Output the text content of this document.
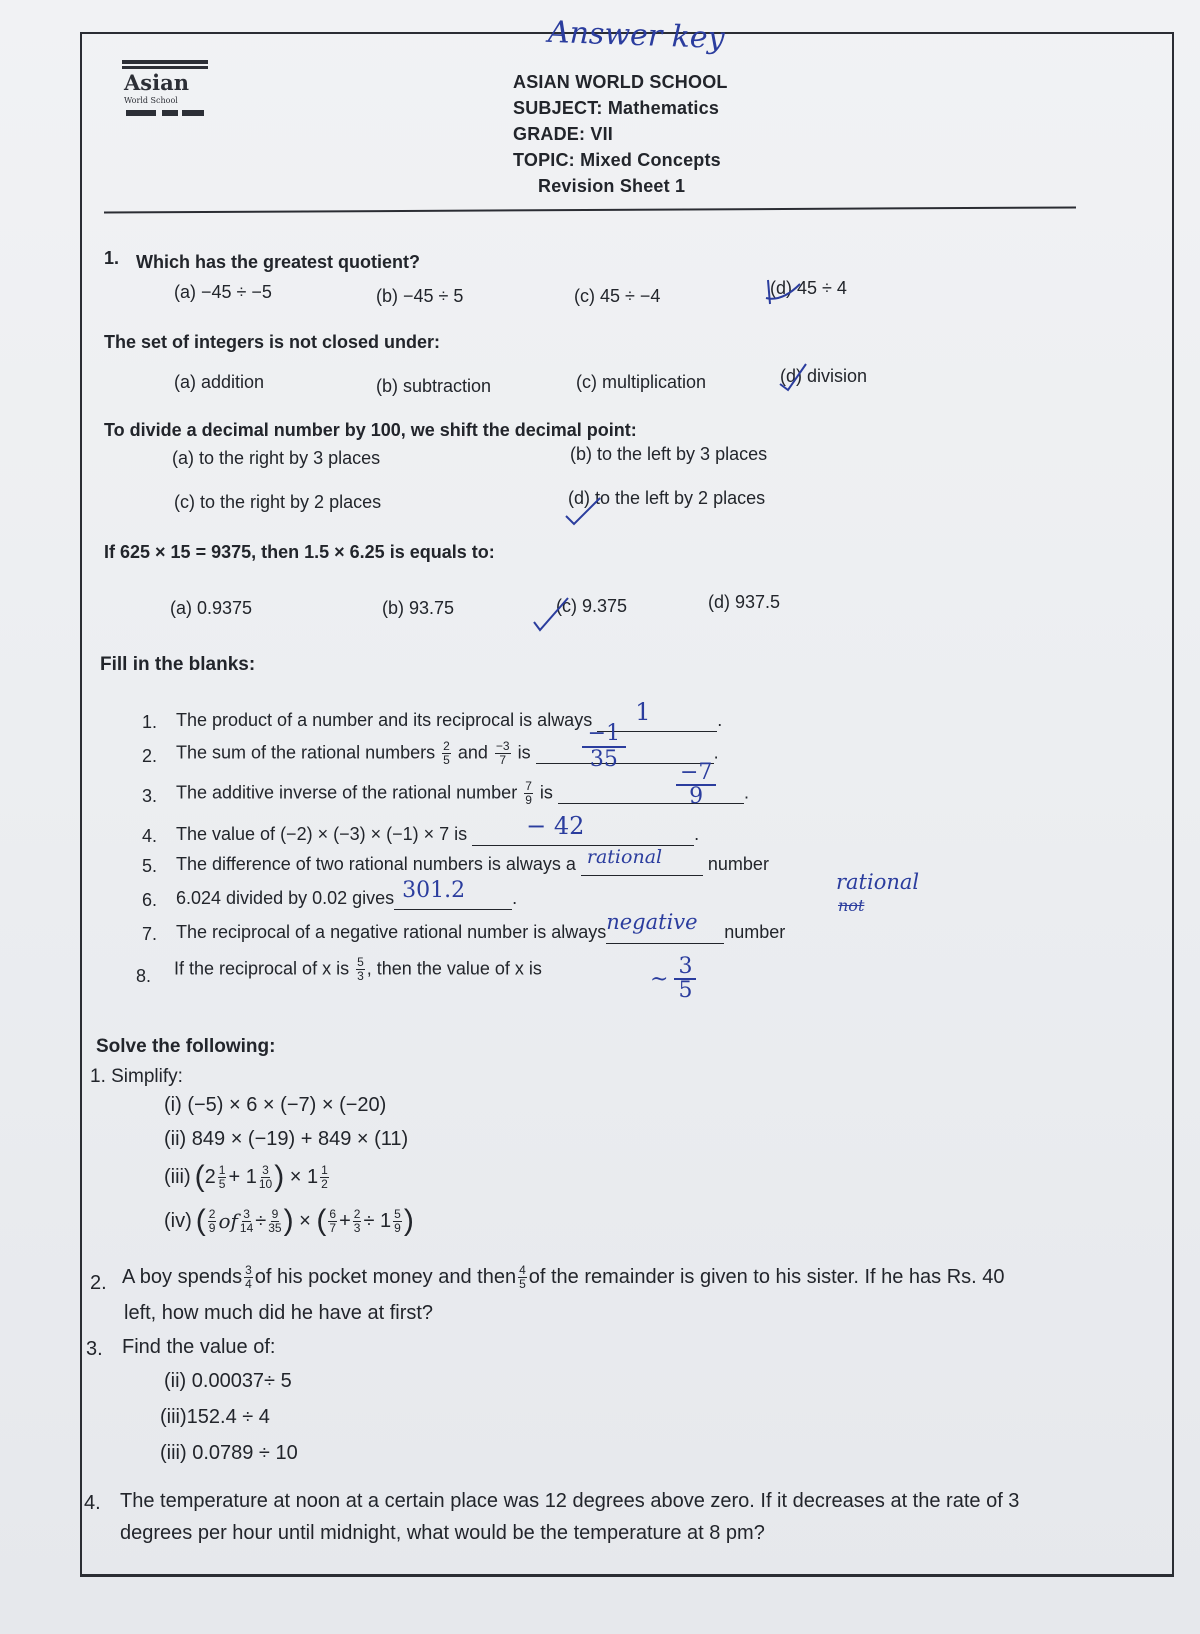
Answer key
Asian
World School
ASIAN WORLD SCHOOL
SUBJECT: Mathematics
GRADE: VII
TOPIC: Mixed Concepts
Revision Sheet 1
1. Which has the greatest quotient?
(a) −45 ÷ −5	(b) −45 ÷ 5	(c) 45 ÷ −4	(d) 45 ÷ 4
The set of integers is not closed under:
(a) addition	(b) subtraction	(c) multiplication	(d) division
To divide a decimal number by 100, we shift the decimal point:
(a) to the right by 3 places	(b) to the left by 3 places
(c) to the right by 2 places	(d) to the left by 2 places
If 625 × 15 = 9375, then 1.5 × 6.25 is equals to:
(a) 0.9375	(b) 93.75	(c) 9.375	(d) 937.5
Fill in the blanks:
1. The product of a number and its reciprocal is always 1	.
2. The sum of the rational numbers $\frac{2}{5}$ and $\frac{-3}{7}$ is
−1
35	.
3. The additive inverse of the rational number $\frac{7}{9}$ is
−7
9 .
4. The value of (−2) × (−3) × (−1) × 7 is − 42	.
5. The difference of two rational numbers is always a rational	number
6. 6.024 divided by 0.02 gives 301.2	.
rational
not
7. The reciprocal of a negative rational number is always negative number
8. If the reciprocal of x is $\frac{5}{3}$ , then the value of x is	~ 3
5
Solve the following:
1. Simplify:
(i) (−5) × 6 × (−7) × (−20)
(ii) 849 × (−19) + 849 × (11)
(iii) ( $2 \frac{1}{5} + 1 \frac{3}{10}$ ) × $1 \frac{1}{2}$
(iv) ( $\frac{2}{9}$ of $\frac{3}{14} \div \frac{9}{35}$ ) × ( $\frac{6}{7} + \frac{2}{3} \div 1 \frac{5}{9}$ )
2. A boy spends $\frac{3}{4}$ of his pocket money and then $\frac{4}{5}$ of the remainder is given to his sister. If he has Rs. 40
left, how much did he have at first?
3. Find the value of:
(ii) 0.00037÷ 5
(iii)152.4 ÷ 4
(iii) 0.0789 ÷ 10
4. The temperature at noon at a certain place was 12 degrees above zero. If it decreases at the rate of 3
degrees per hour until midnight, what would be the temperature at 8 pm?
